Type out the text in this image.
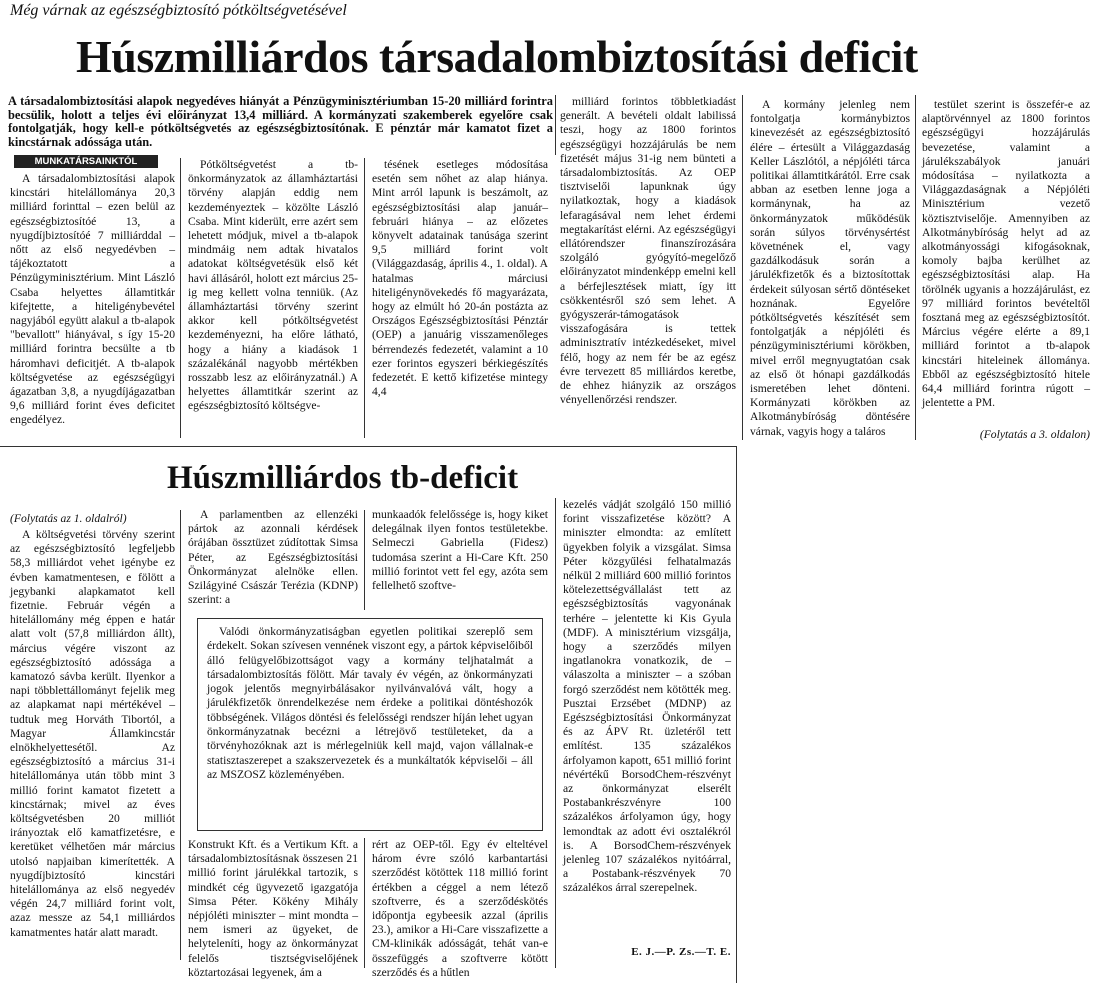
Még várnak az egészségbiztosító pótköltségvetésével
Húszmilliárdos társadalombiztosítási deficit
A társadalombiztosítási alapok negyedéves hiányát a Pénzügyminisztériumban 15-20 milliárd forintra becsülik, holott a teljes évi előirányzat 13,4 milliárd. A kormányzati szakemberek egyelőre csak fontolgatják, hogy kell-e pótköltségvetés az egészségbiztosítónak. E pénztár már kamatot fizet a kincstárnak adóssága után.
MUNKATÁRSAINKTÓL

A társadalombiztosítási alapok kincstári hitelállománya 20,3 milliárd forinttal – ezen belül az egészségbiztosítóé 13, a nyugdíjbiztosítóé 7 milliárddal – nőtt az első negyedévben – tájékoztatott a Pénzügyminisztérium. Mint László Csaba helyettes államtitkár kifejtette, a hiteligénybevétel nagyjából együtt alakul a tb-alapok "bevallott" hiányával, s így 15-20 milliárd forintra becsülte a tb háromhavi deficitjét. A tb-alapok költségvetése az egészségügyi ágazatban 3,8, a nyugdíjágazatban 9,6 milliárd forint éves deficitet engedélyez.

Pótköltségvetést a tb-önkormányzatok az államháztartási törvény alapján eddig nem kezdeményeztek – közölte László Csaba. Mint kiderült, erre azért sem lehetett módjuk, mivel a tb-alapok mindmáig nem adtak hivatalos adatokat költségvetésük első két havi állásáról, holott ezt március 25-ig meg kellett volna tenniük. (Az államháztartási törvény szerint akkor kell pótköltségvetést kezdeményezni, ha előre látható, hogy a hiány a kiadások 1 százalékánál nagyobb mértékben rosszabb lesz az előirányzatnál.) A helyettes államtitkár szerint az egészségbiztosító költségve-

tésének esetleges módosítása esetén sem nőhet az alap hiánya. Mint arról lapunk is beszámolt, az egészségbiztosítási alap január–februári hiánya – az előzetes könyvelt adatainak tanúsága szerint 9,5 milliárd forint volt (Világgazdaság, április 4., 1. oldal). A hatalmas márciusi hiteligénynövekedés fő magyarázata, hogy az elmúlt hó 20-án postázta az Országos Egészségbiztosítási Pénztár (OEP) a januárig visszamenőleges bérrendezés fedezetét, valamint a 10 ezer forintos egyszeri bérkiegészítés fedezetét. E kettő kifizetése mintegy 4,4

milliárd forintos többletkiadást generált. A bevételi oldalt labilissá teszi, hogy az 1800 forintos egészségügyi hozzájárulás be nem fizetését május 31-ig nem bünteti a társadalombiztosítás. Az OEP tisztviselői lapunknak úgy nyilatkoztak, hogy a kiadások lefaragásával nem lehet érdemi megtakarítást elérni. Az egészségügyi ellátórendszer finanszírozására szolgáló gyógyító-megelőző előirányzatot mindenképp emelni kell a bérfejlesztések miatt, így itt csökkentésről szó sem lehet. A gyógyszerár-támogatások visszafogására is tettek adminisztratív intézkedéseket, mivel félő, hogy az nem fér be az egész évre tervezett 85 milliárdos keretbe, de ehhez hiányzik az országos vényellenőrzési rendszer.

A kormány jelenleg nem fontolgatja kormánybiztos kinevezését az egészségbiztosító élére – értesült a Világgazdaság Keller Lászlótól, a népjóléti tárca politikai államtitkárától. Erre csak abban az esetben lenne joga a kormánynak, ha az önkormányzatok működésük során súlyos törvénysértést követnének el, vagy gazdálkodásuk során a járulékfizetők és a biztosítottak érdekeit súlyosan sértő döntéseket hoznának. Egyelőre pótköltségvetés készítését sem fontolgatják a népjóléti és pénzügyminisztériumi körökben, mivel erről megnyugtatóan csak az első öt hónapi gazdálkodás ismeretében lehet dönteni. Kormányzati körökben az Alkotmánybíróság döntésére várnak, vagyis hogy a taláros

testület szerint is összefér-e az alaptörvénnyel az 1800 forintos egészségügyi hozzájárulás bevezetése, valamint a járulékszabályok januári módosítása – nyilatkozta a Világgazdaságnak a Népjóléti Minisztérium vezető köztisztviselője. Amennyiben az Alkotmánybíróság helyt ad az alkotmányossági kifogásoknak, komoly bajba kerülhet az egészségbiztosítási alap. Ha törölnék ugyanis a hozzájárulást, ez 97 milliárd forintos bevételtől fosztaná meg az egészségbiztosítót. Március végére elérte a 89,1 milliárd forintot a tb-alapok kincstári hiteleinek állománya. Ebből az egészségbiztosító hitele 64,4 milliárd forintra rúgott – jelentette a PM.

(Folytatás a 3. oldalon)
Húszmilliárdos tb-deficit
(Folytatás az 1. oldalról)

A költségvetési törvény szerint az egészségbiztosító legfeljebb 58,3 milliárdot vehet igénybe ez évben kamatmentesen, e fölött a jegybanki alapkamatot kell fizetnie. Február végén a hitelállomány még éppen e határ alatt volt (57,8 milliárdon állt), március végére viszont az egészségbiztosító adóssága a kamatozó sávba került. Ilyenkor a napi többlettállományt fejelik meg az alapkamat napi mértékével – tudtuk meg Horváth Tibortól, a Magyar Államkincstár elnökhelyettesétől. Az egészségbiztosító a március 31-i hitelállománya után több mint 3 millió forint kamatot fizetett a kincstárnak; mivel az éves költségvetésben 20 milliót irányoztak elő kamatfizetésre, e keretüket vélhetően már március utolsó napjaiban kimerítették. A nyugdíjbiztosító kincstári hitelállománya az első negyedév végén 24,7 milliárd forint volt, azaz messze az 54,1 milliárdos kamatmentes határ alatt maradt.

A parlamentben az ellenzéki pártok az azonnali kérdések órájában össztüzet zúdítottak Simsa Péter, az Egészségbiztosítási Önkormányzat alelnöke ellen. Szilágyiné Császár Terézia (KDNP) szerint: a

munkaadók felelőssége is, hogy kiket delegálnak ilyen fontos testületekbe. Selmeczi Gabriella (Fidesz) tudomása szerint a Hi-Care Kft. 250 millió forintot vett fel egy, azóta sem fellelhető szoftve-

Valódi önkormányzatiságban egyetlen politikai szereplő sem érdekelt. Sokan szívesen vennének viszont egy, a pártok képviselőiből álló felügyelőbizottságot vagy a kormány teljhatalmát a társadalombiztosítás fölött. Már tavaly év végén, az önkormányzati jogok jelentős megnyirbálásakor nyilvánvalóvá vált, hogy a járulékfizetők önrendelkezése nem érdeke a politikai döntéshozók többségének. Világos döntési és felelősségi rendszer híján lehet ugyan önkormányzatnak becézni a létrejövő testületeket, da a törvényhozóknak azt is mérlegelniük kell majd, vajon vállalnak-e statisztaszerepet a szakszervezetek és a munkáltatók képviselői – áll az MSZOSZ közleményében.

Konstrukt Kft. és a Vertikum Kft. a társadalombiztosításnak összesen 21 millió forint járulékkal tartozik, s mindkét cég ügyvezető igazgatója Simsa Péter. Kökény Mihály népjóléti miniszter – mint mondta – nem ismeri az ügyeket, de helyteleníti, hogy az önkormányzat felelős tisztségviselőjének köztartozásai legyenek, ám a

rért az OEP-től. Egy év elteltével három évre szóló karbantartási szerződést kötöttek 118 millió forint értékben a céggel a nem létező szoftverre, és a szerződéskötés időpontja egybeesik azzal (április 23.), amikor a Hi-Care visszafizette a CM-klinikák adósságát, tehát van-e összefüggés a szoftverre kötött szerződés és a hűtlen

kezelés vádját szolgáló 150 millió forint visszafizetése között? A miniszter elmondta: az említett ügyekben folyik a vizsgálat. Simsa Péter közgyűlési felhatalmazás nélkül 2 milliárd 600 millió forintos kötelezettségvállalást tett az egészségbiztosítás vagyonának terhére – jelentette ki Kis Gyula (MDF). A minisztérium vizsgálja, hogy a szerződés milyen ingatlanokra vonatkozik, de – válaszolta a miniszter – a szóban forgó szerződést nem kötötték meg. Pusztai Erzsébet (MDNP) az Egészségbiztosítási Önkormányzat és az ÁPV Rt. üzletéről tett említést. 135 százalékos árfolyamon kapott, 651 millió forint névértékű BorsodChem-részvényt az önkormányzat elserélt Postabankrészvényre 100 százalékos árfolyamon úgy, hogy lemondtak az adott évi osztalékról is. A BorsodChem-részvények jelenleg 107 százalékos nyitóárral, a Postabank-részvények 70 százalékos árral szerepelnek.

E. J.—P. Zs.—T. E.
